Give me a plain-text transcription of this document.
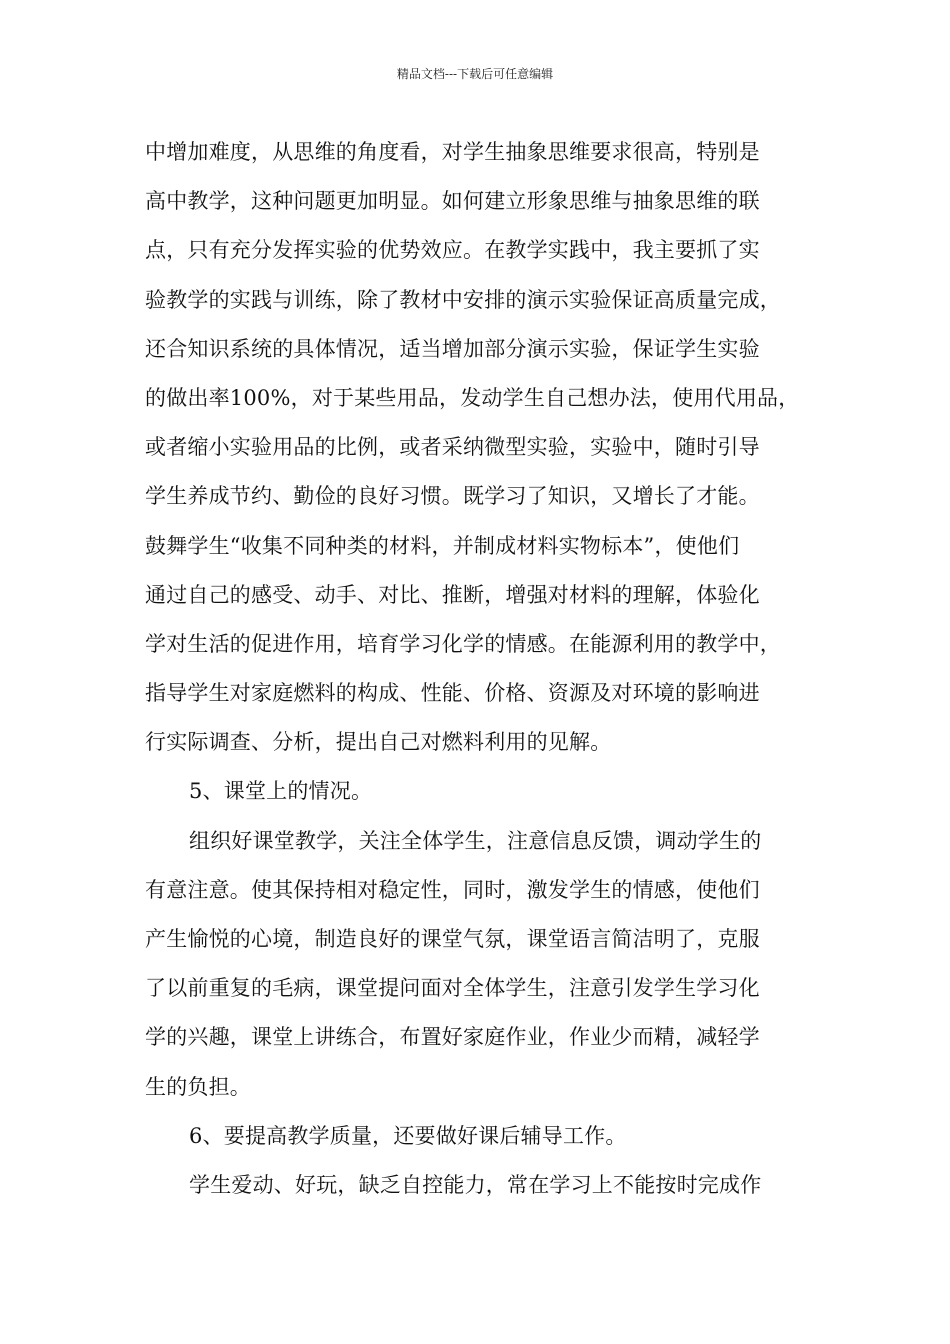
精品文档---下载后可任意编辑
中增加难度，从思维的角度看，对学生抽象思维要求很高，特别是
高中教学，这种问题更加明显。如何建立形象思维与抽象思维的联
点，只有充分发挥实验的优势效应。在教学实践中，我主要抓了实
验教学的实践与训练，除了教材中安排的演示实验保证高质量完成，
还合知识系统的具体情况，适当增加部分演示实验，保证学生实验
的做出率100%，对于某些用品，发动学生自己想办法，使用代用品，
或者缩小实验用品的比例，或者采纳微型实验，实验中，随时引导
学生养成节约、勤俭的良好习惯。既学习了知识，又增长了才能。
鼓舞学生“收集不同种类的材料，并制成材料实物标本”，使他们
通过自己的感受、动手、对比、推断，增强对材料的理解，体验化
学对生活的促进作用，培育学习化学的情感。在能源利用的教学中，
指导学生对家庭燃料的构成、性能、价格、资源及对环境的影响进
行实际调查、分析，提出自己对燃料利用的见解。
5、课堂上的情况。
组织好课堂教学，关注全体学生，注意信息反馈，调动学生的
有意注意。使其保持相对稳定性，同时，激发学生的情感，使他们
产生愉悦的心境，制造良好的课堂气氛，课堂语言简洁明了，克服
了以前重复的毛病，课堂提问面对全体学生，注意引发学生学习化
学的兴趣，课堂上讲练合，布置好家庭作业，作业少而精，减轻学
生的负担。
6、要提高教学质量，还要做好课后辅导工作。
学生爱动、好玩，缺乏自控能力，常在学习上不能按时完成作
